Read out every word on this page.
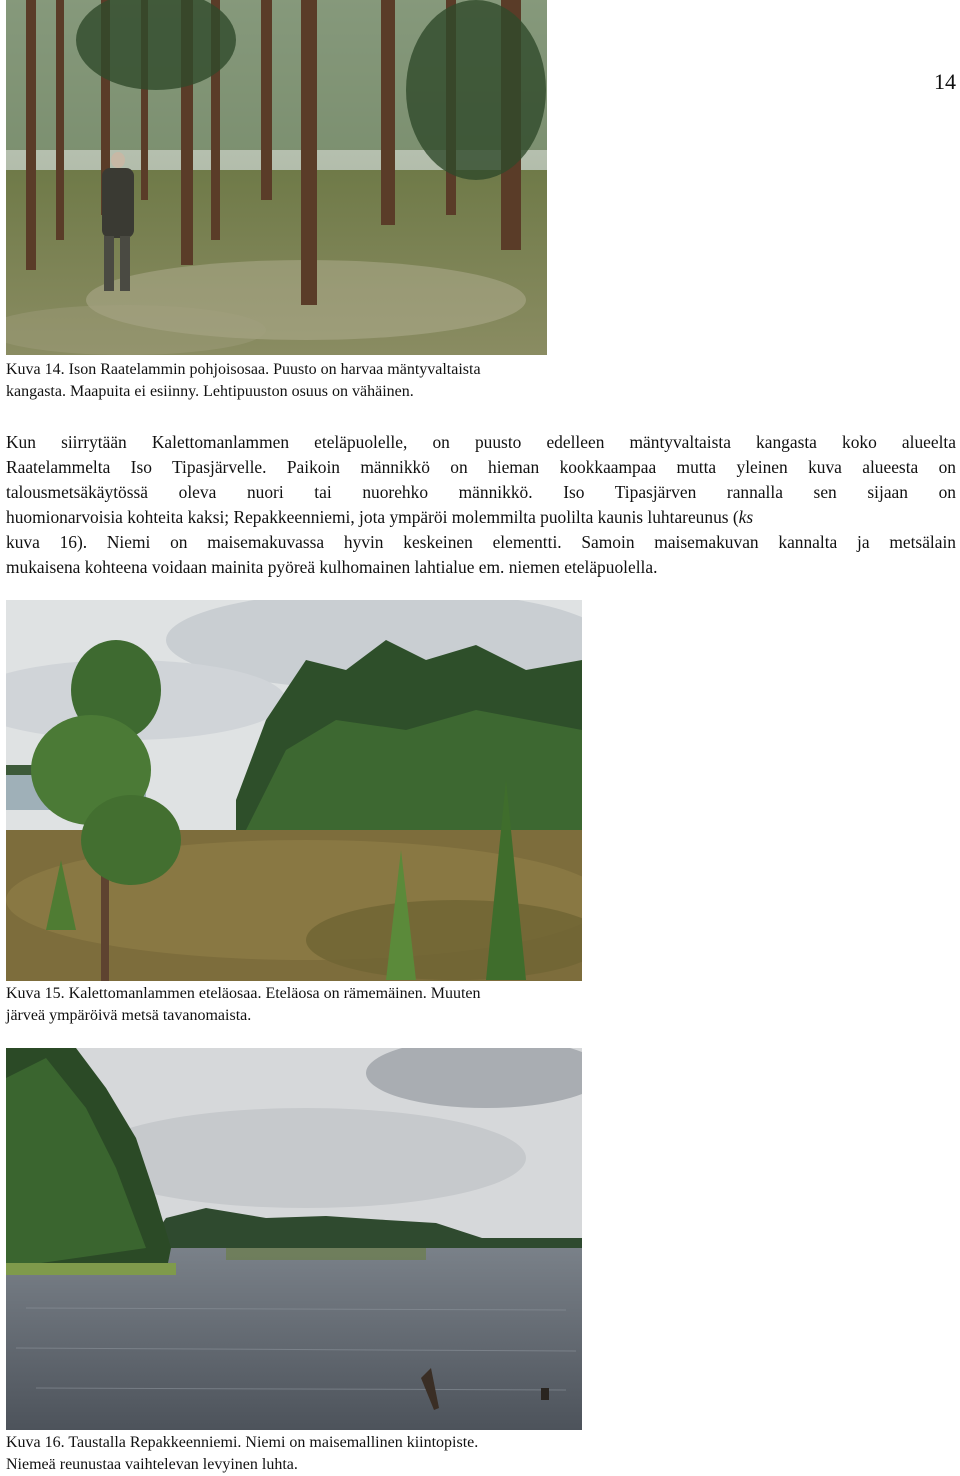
14
Kuva 14. Ison Raatelammin pohjoisosaa. Puusto on harvaa mäntyvaltaista
kangasta. Maapuita ei esiinny. Lehtipuuston osuus on vähäinen.
Kun siirrytään Kalettomanlammen eteläpuolelle, on puusto edelleen mäntyvaltaista kangasta koko alueelta
Raatelammelta Iso Tipasjärvelle. Paikoin männikkö on hieman kookkaampaa mutta yleinen kuva alueesta on
talousmetsäkäytössä oleva nuori tai nuorehko männikkö. Iso Tipasjärven rannalla sen sijaan on
huomionarvoisia kohteita kaksi; Repakkeenniemi, jota ympäröi molemmilta puolilta kaunis luhtareunus (ks
kuva 16). Niemi on maisemakuvassa hyvin keskeinen elementti. Samoin maisemakuvan kannalta ja metsälain
mukaisena kohteena voidaan mainita pyöreä kulhomainen lahtialue em. niemen eteläpuolella.
Kuva 15. Kalettomanlammen eteläosaa. Eteläosa on rämemäinen. Muuten
järveä ympäröivä metsä tavanomaista.
Kuva 16. Taustalla Repakkeenniemi. Niemi on maisemallinen kiintopiste.
Niemeä reunustaa vaihtelevan levyinen luhta.
